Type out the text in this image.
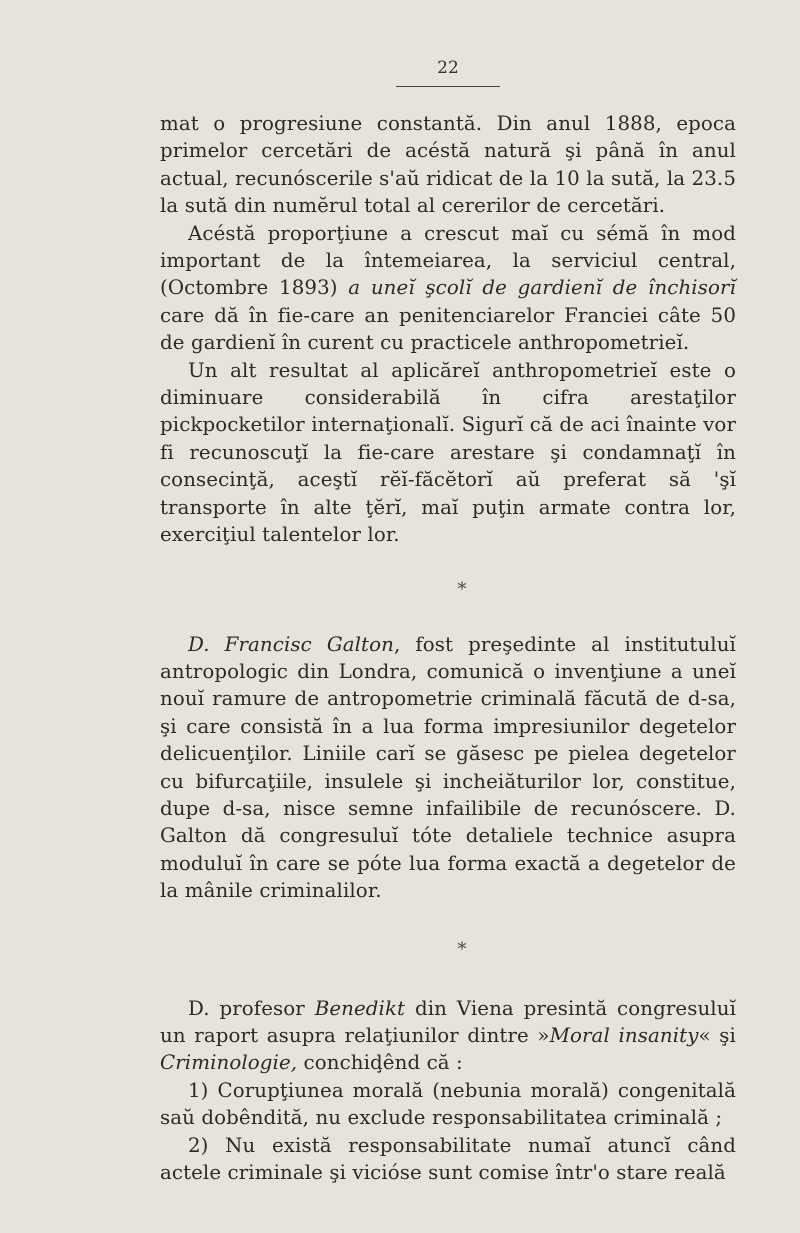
22

mat o progresiune constantă. Din anul 1888, epoca primelor cercetări de acéstă natură şi până în anul actual, recunóscerile s'aŭ ridicat de la 10 la sută, la 23.5 la sută din numĕrul total al cererilor de cercetări.

Acéstă proporţiune a crescut maĭ cu sémă în mod important de la întemeiarea, la serviciul central, (Octombre 1893) a uneĭ şcolĭ de gardienĭ de închisorĭ care dă în fie-care an penitenciarelor Franciei câte 50 de gardienĭ în curent cu practicele anthropometrieĭ.

Un alt resultat al aplicăreĭ anthropometrieĭ este o diminuare considerabilă în cifra arestaţilor pickpocketilor internaţionalĭ. Sigurĭ că de aci înainte vor fi recunoscuţĭ la fie-care arestare şi condamnaţĭ în consecinţă, aceştĭ rĕĭ-făcĕtorĭ aŭ preferat să 'şĭ transporte în alte ţĕrĭ, maĭ puţin armate contra lor, exerciţiul talentelor lor.

*

D. Francisc Galton, fost preşedinte al institutuluĭ antropologic din Londra, comunică o invenţiune a uneĭ nouĭ ramure de antropometrie criminală făcută de d-sa, şi care consistă în a lua forma impresiunilor degetelor delicuenţilor. Liniile carĭ se găsesc pe pielea degetelor cu bifurcaţiile, insulele şi incheiăturilor lor, constitue, dupe d-sa, nisce semne infailibile de recunóscere. D. Galton dă congresuluĭ tóte detaliele technice asupra moduluĭ în care se póte lua forma exactă a degetelor de la mânile criminalilor.

*

D. profesor Benedikt din Viena presintă congresuluĭ un raport asupra relaţiunilor dintre »Moral insanity« şi Criminologie, conchiḑênd că :

1) Corupţiunea morală (nebunia morală) congenitală saŭ dobêndită, nu exclude responsabilitatea criminală ;

2) Nu există responsabilitate numaĭ atuncĭ când actele criminale şi viciόse sunt comise într'o stare reală
